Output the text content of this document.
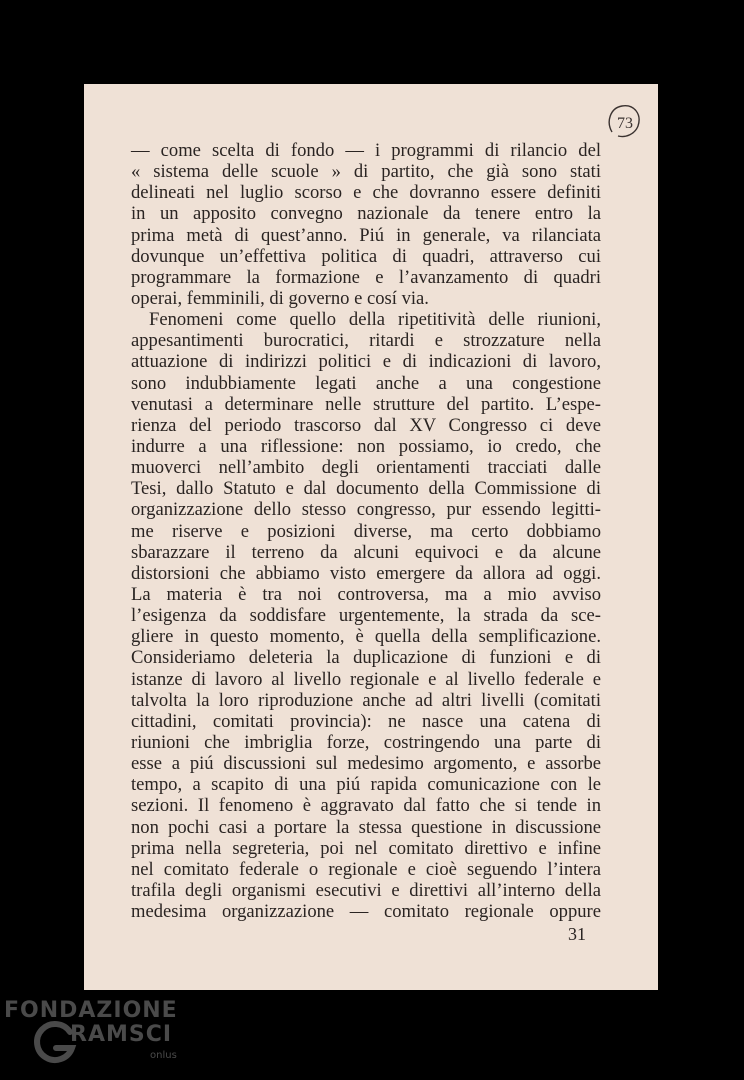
73
— come scelta di fondo — i programmi di rilancio del
« sistema delle scuole » di partito, che già sono stati
delineati nel luglio scorso e che dovranno essere definiti
in un apposito convegno nazionale da tenere entro la
prima metà di quest’anno. Piú in generale, va rilanciata
dovunque un’effettiva politica di quadri, attraverso cui
programmare la formazione e l’avanzamento di quadri
operai, femminili, di governo e cosí via.
Fenomeni come quello della ripetitività delle riunioni,
appesantimenti burocratici, ritardi e strozzature nella
attuazione di indirizzi politici e di indicazioni di lavoro,
sono indubbiamente legati anche a una congestione
venutasi a determinare nelle strutture del partito. L’espe-
rienza del periodo trascorso dal XV Congresso ci deve
indurre a una riflessione: non possiamo, io credo, che
muoverci nell’ambito degli orientamenti tracciati dalle
Tesi, dallo Statuto e dal documento della Commissione di
organizzazione dello stesso congresso, pur essendo legitti-
me riserve e posizioni diverse, ma certo dobbiamo
sbarazzare il terreno da alcuni equivoci e da alcune
distorsioni che abbiamo visto emergere da allora ad oggi.
La materia è tra noi controversa, ma a mio avviso
l’esigenza da soddisfare urgentemente, la strada da sce-
gliere in questo momento, è quella della semplificazione.
Consideriamo deleteria la duplicazione di funzioni e di
istanze di lavoro al livello regionale e al livello federale e
talvolta la loro riproduzione anche ad altri livelli (comitati
cittadini, comitati provincia): ne nasce una catena di
riunioni che imbriglia forze, costringendo una parte di
esse a piú discussioni sul medesimo argomento, e assorbe
tempo, a scapito di una piú rapida comunicazione con le
sezioni. Il fenomeno è aggravato dal fatto che si tende in
non pochi casi a portare la stessa questione in discussione
prima nella segreteria, poi nel comitato direttivo e infine
nel comitato federale o regionale e cioè seguendo l’intera
trafila degli organismi esecutivi e direttivi all’interno della
medesima organizzazione — comitato regionale oppure
31
FONDAZIONE
RAMSCI
onlus
